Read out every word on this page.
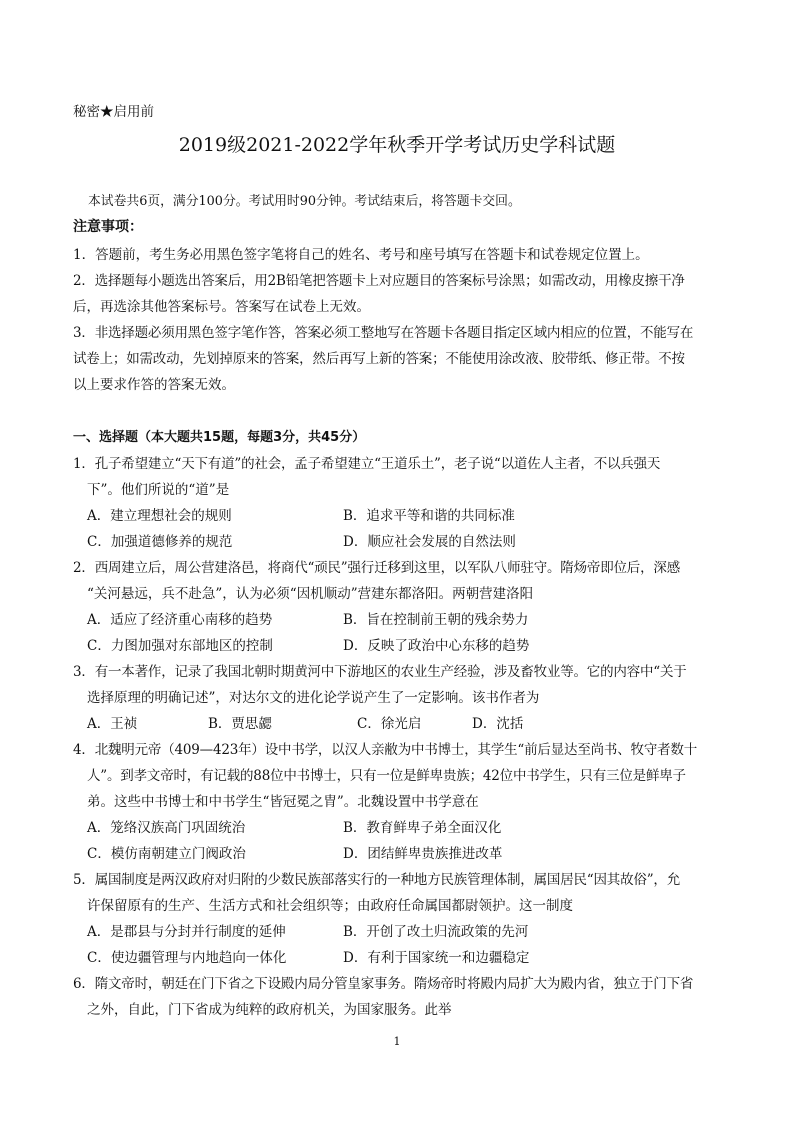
秘密★启用前
2019级2021-2022学年秋季开学考试历史学科试题
本试卷共6页，满分100分。考试用时90分钟。考试结束后，将答题卡交回。
注意事项：
1．答题前，考生务必用黑色签字笔将自己的姓名、考号和座号填写在答题卡和试卷规定位置上。
2．选择题每小题选出答案后，用2B铅笔把答题卡上对应题目的答案标号涂黑；如需改动，用橡皮擦干净
后，再选涂其他答案标号。答案写在试卷上无效。
3．非选择题必须用黑色签字笔作答，答案必须工整地写在答题卡各题目指定区域内相应的位置，不能写在
试卷上；如需改动，先划掉原来的答案，然后再写上新的答案；不能使用涂改液、胶带纸、修正带。不按
以上要求作答的答案无效。
一、选择题（本大题共15题，每题3分，共45分）
1．孔子希望建立“天下有道”的社会，孟子希望建立“王道乐土”，老子说“以道佐人主者，不以兵强天
下”。他们所说的“道”是
A．建立理想社会的规则	B．追求平等和谐的共同标准
C．加强道德修养的规范	D．顺应社会发展的自然法则
2．西周建立后，周公营建洛邑，将商代“顽民”强行迁移到这里，以军队八师驻守。隋炀帝即位后，深感
“关河悬远，兵不赴急”，认为必须“因机顺动”营建东都洛阳。两朝营建洛阳
A．适应了经济重心南移的趋势	B．旨在控制前王朝的残余势力
C．力图加强对东部地区的控制	D．反映了政治中心东移的趋势
3．有一本著作，记录了我国北朝时期黄河中下游地区的农业生产经验，涉及畜牧业等。它的内容中“关于
选择原理的明确记述”，对达尔文的进化论学说产生了一定影响。该书作者为
A．王祯	B．贾思勰	C．徐光启	D．沈括
4．北魏明元帝（409—423年）设中书学，以汉人亲敝为中书博士，其学生“前后显达至尚书、牧守者数十
人”。到孝文帝时，有记载的88位中书博士，只有一位是鲜卑贵族；42位中书学生，只有三位是鲜卑子
弟。这些中书博士和中书学生“皆冠冕之胄”。北魏设置中书学意在
A．笼络汉族高门巩固统治	B．教育鲜卑子弟全面汉化
C．模仿南朝建立门阀政治	D．团结鲜卑贵族推进改革
5．属国制度是两汉政府对归附的少数民族部落实行的一种地方民族管理体制，属国居民“因其故俗”，允
许保留原有的生产、生活方式和社会组织等；由政府任命属国都尉领护。这一制度
A．是郡县与分封并行制度的延伸	B．开创了改土归流政策的先河
C．使边疆管理与内地趋向一体化	D．有利于国家统一和边疆稳定
6．隋文帝时，朝廷在门下省之下设殿内局分管皇家事务。隋炀帝时将殿内局扩大为殿内省，独立于门下省
之外，自此，门下省成为纯粹的政府机关，为国家服务。此举
1
